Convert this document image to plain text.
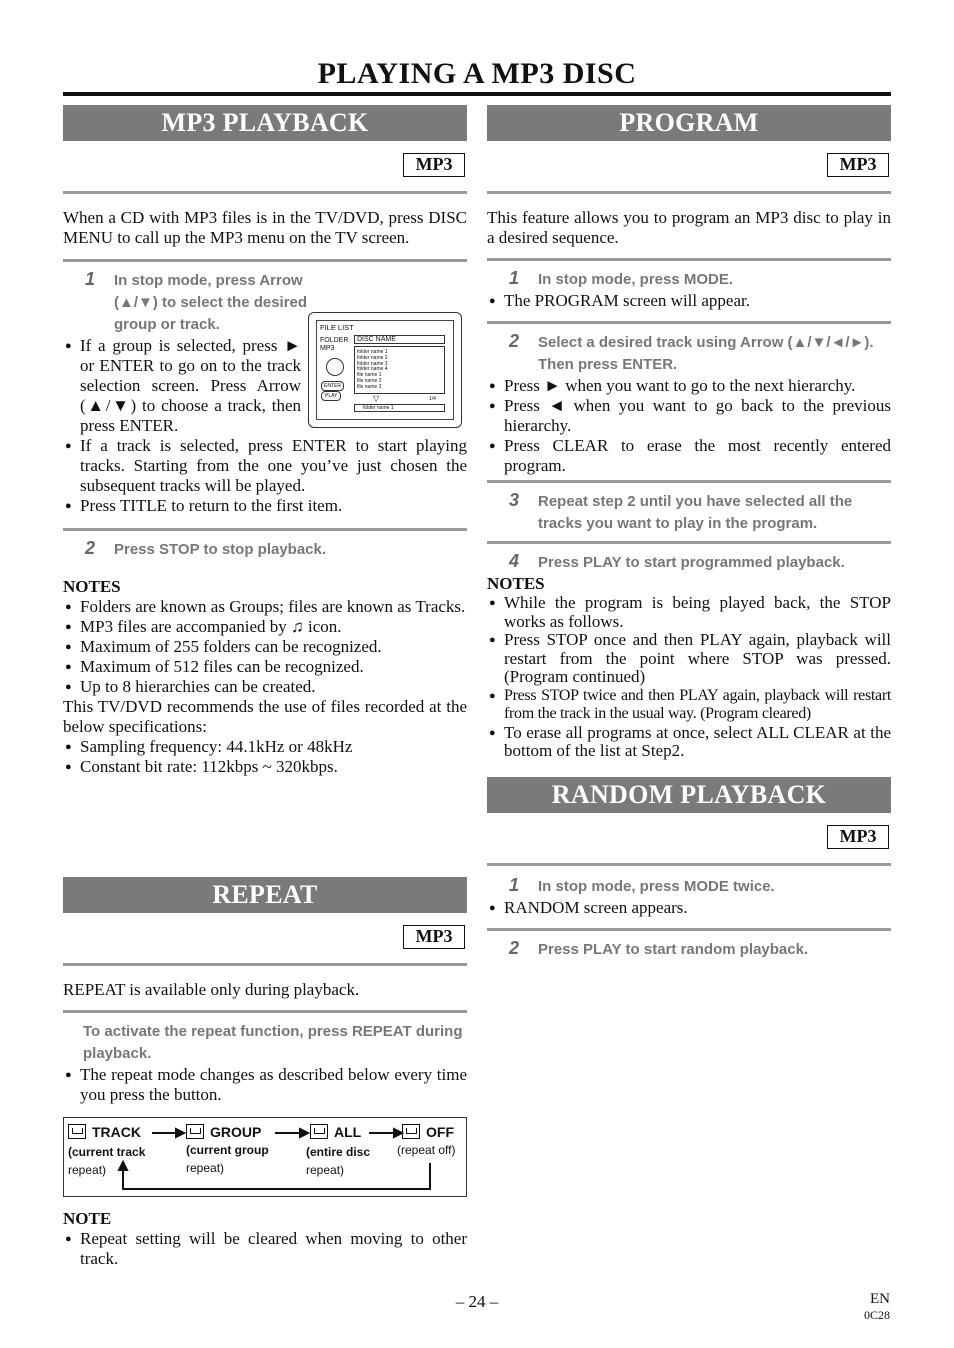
PLAYING A MP3 DISC
MP3 PLAYBACK
MP3
When a CD with MP3 files is in the TV/DVD, press DISC MENU to call up the MP3 menu on the TV screen.
1 In stop mode, press Arrow (▲/▼) to select the desired group or track.	FILE LIST
FOLDER
MP3
DISC NAME
folder name 1
folder name 2
folder name 3
folder name 4
file name 1
file name 2
file name 3
ENTER
PLAY	▽	1/4
folder name 1
● If a group is selected, press ► or ENTER to go on to the track selection screen. Press Arrow (▲/▼) to choose a track, then press ENTER.
● If a track is selected, press ENTER to start playing tracks. Starting from the one you’ve just chosen the subsequent tracks will be played.
● Press TITLE to return to the first item.
2 Press STOP to stop playback.
NOTES
● Folders are known as Groups; files are known as Tracks.
● MP3 files are accompanied by ♫ icon.
● Maximum of 255 folders can be recognized.
● Maximum of 512 files can be recognized.
● Up to 8 hierarchies can be created.
This TV/DVD recommends the use of files recorded at the below specifications:
● Sampling frequency: 44.1kHz or 48kHz
● Constant bit rate: 112kbps ~ 320kbps.
REPEAT
MP3
REPEAT is available only during playback.
To activate the repeat function, press REPEAT during playback.
● The repeat mode changes as described below every time you press the button.
TRACK
(current track
repeat)
GROUP
(current group
repeat)
ALL
(entire disc
repeat)
OFF
(repeat off)
NOTE
● Repeat setting will be cleared when moving to other track.
PROGRAM
MP3
This feature allows you to program an MP3 disc to play in a desired sequence.
1 In stop mode, press MODE.
● The PROGRAM screen will appear.
2 Select a desired track using Arrow (▲/▼/◄/►). Then press ENTER.
● Press ► when you want to go to the next hierarchy.
● Press ◄ when you want to go back to the previous hierarchy.
● Press CLEAR to erase the most recently entered program.
3 Repeat step 2 until you have selected all the tracks you want to play in the program.
4 Press PLAY to start programmed playback.
NOTES
● While the program is being played back, the STOP works as follows.
● Press STOP once and then PLAY again, playback will restart from the point where STOP was pressed. (Program continued)
● Press STOP twice and then PLAY again, playback will restart from the track in the usual way. (Program cleared)
● To erase all programs at once, select ALL CLEAR at the bottom of the list at Step2.
RANDOM PLAYBACK
MP3
1 In stop mode, press MODE twice.
● RANDOM screen appears.
2 Press PLAY to start random playback.
– 24 –	EN
0C28
